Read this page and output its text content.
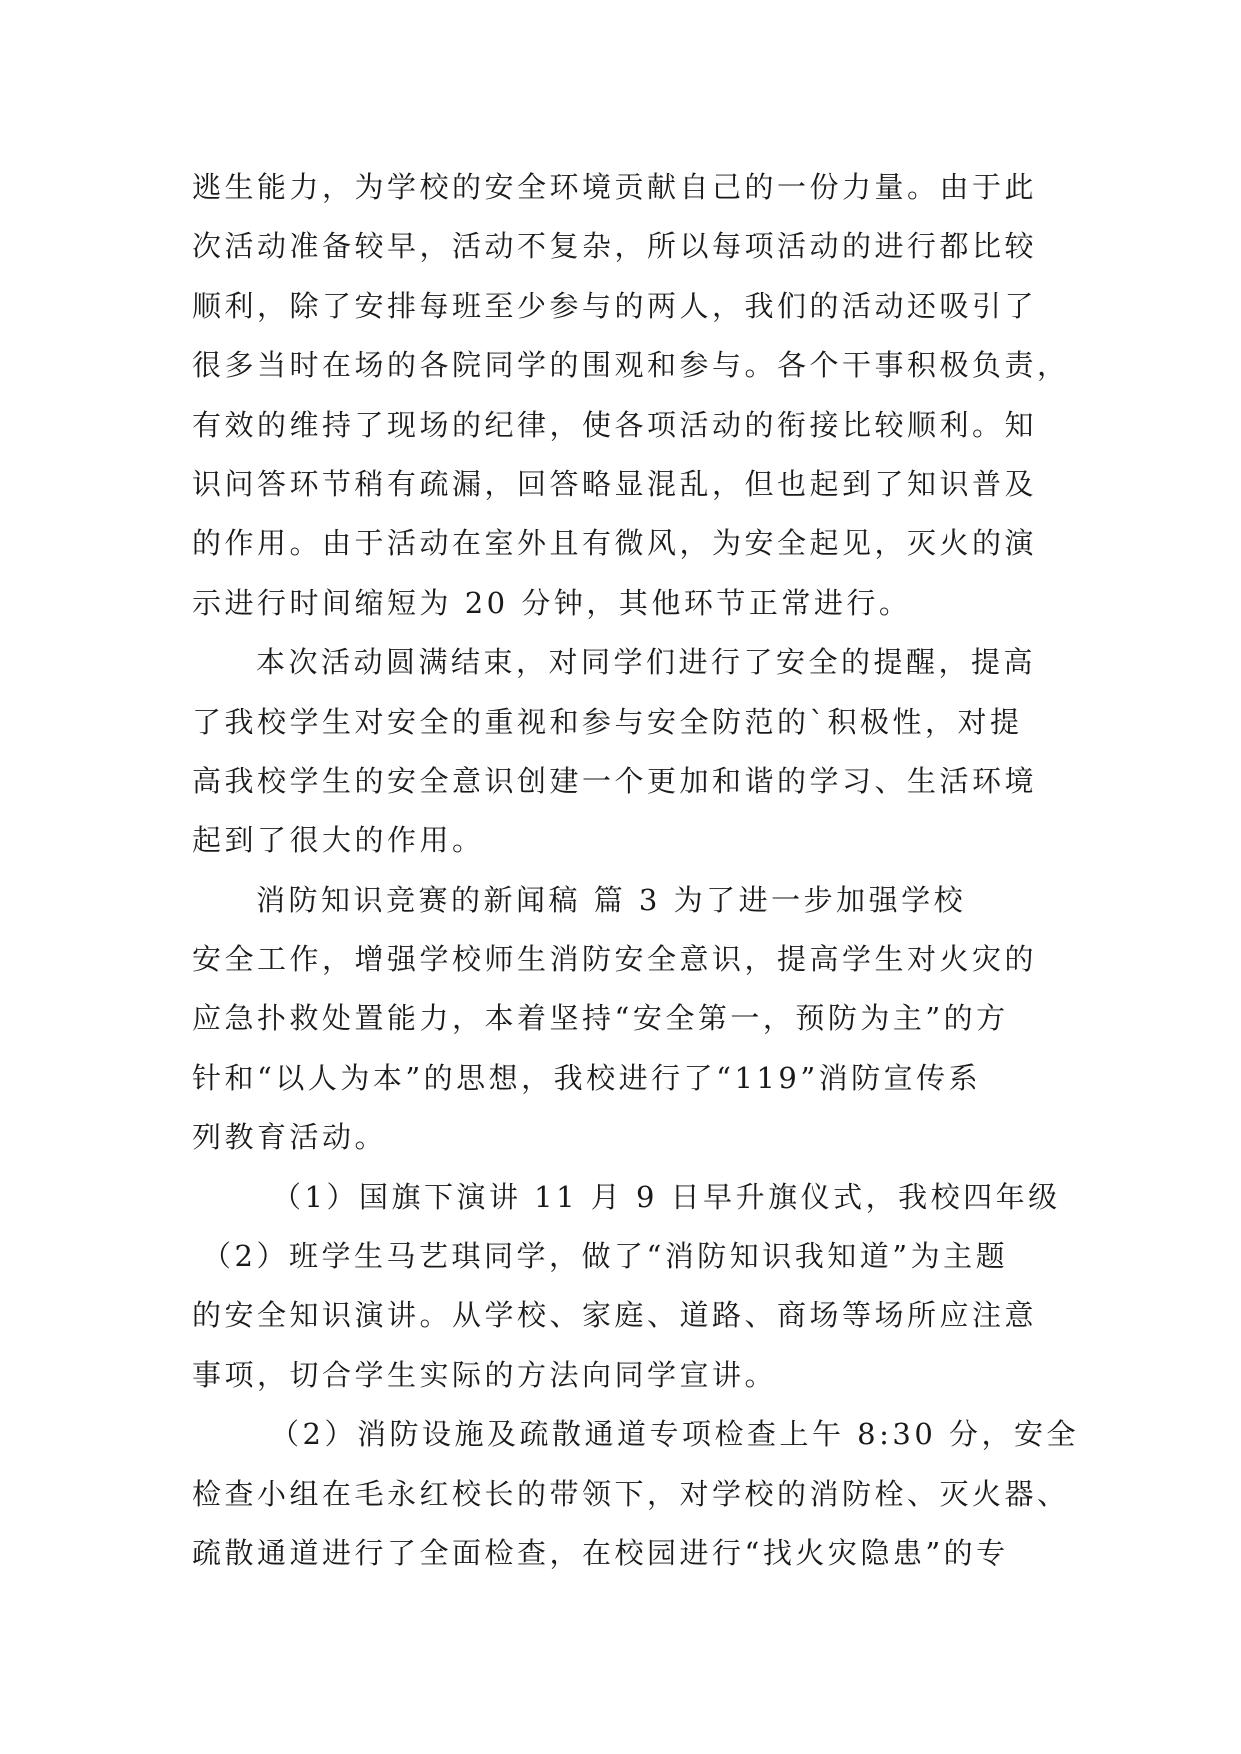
逃生能力，为学校的安全环境贡献自己的一份力量。由于此
次活动准备较早，活动不复杂，所以每项活动的进行都比较
顺利，除了安排每班至少参与的两人，我们的活动还吸引了
很多当时在场的各院同学的围观和参与。各个干事积极负责，
有效的维持了现场的纪律，使各项活动的衔接比较顺利。知
识问答环节稍有疏漏，回答略显混乱，但也起到了知识普及
的作用。由于活动在室外且有微风，为安全起见，灭火的演
示进行时间缩短为 20 分钟，其他环节正常进行。
本次活动圆满结束，对同学们进行了安全的提醒，提高
了我校学生对安全的重视和参与安全防范的`积极性，对提
高我校学生的安全意识创建一个更加和谐的学习、生活环境
起到了很大的作用。
消防知识竞赛的新闻稿 篇 3 为了进一步加强学校
安全工作，增强学校师生消防安全意识，提高学生对火灾的
应急扑救处置能力，本着坚持“安全第一，预防为主”的方
针和“以人为本”的思想，我校进行了“119”消防宣传系
列教育活动。
（1）国旗下演讲 11 月 9 日早升旗仪式，我校四年级
（2）班学生马艺琪同学，做了“消防知识我知道”为主题
的安全知识演讲。从学校、家庭、道路、商场等场所应注意
事项，切合学生实际的方法向同学宣讲。
（2）消防设施及疏散通道专项检查上午 8:30 分，安全
检查小组在毛永红校长的带领下，对学校的消防栓、灭火器、
疏散通道进行了全面检查，在校园进行“找火灾隐患”的专
